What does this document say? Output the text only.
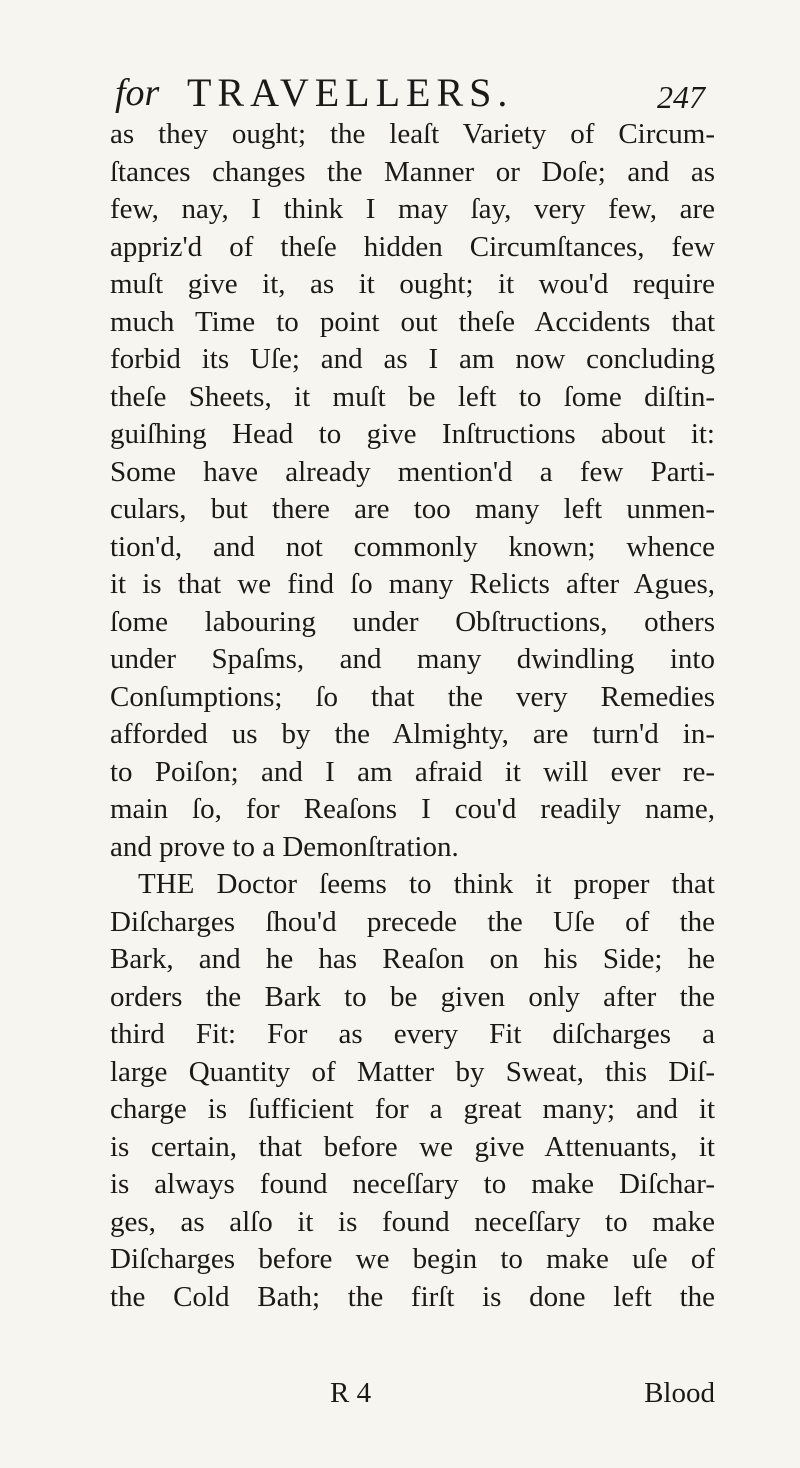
for TRAVELLERS.	247
as they ought; the leaſt Variety of Circum-
ſtances changes the Manner or Doſe; and as
few, nay, I think I may ſay, very few, are
appriz'd of theſe hidden Circumſtances, few
muſt give it, as it ought; it wou'd require
much Time to point out theſe Accidents that
forbid its Uſe; and as I am now concluding
theſe Sheets, it muſt be left to ſome diſtin-
guiſhing Head to give Inſtructions about it:
Some have already mention'd a few Parti-
culars, but there are too many left unmen-
tion'd, and not commonly known; whence
it is that we find ſo many Relicts after Agues,
ſome labouring under Obſtructions, others
under Spaſms, and many dwindling into
Conſumptions; ſo that the very Remedies
afforded us by the Almighty, are turn'd in-
to Poiſon; and I am afraid it will ever re-
main ſo, for Reaſons I cou'd readily name,
and prove to a Demonſtration.
THE Doctor ſeems to think it proper that
Diſcharges ſhou'd precede the Uſe of the
Bark, and he has Reaſon on his Side; he
orders the Bark to be given only after the
third Fit: For as every Fit diſcharges a
large Quantity of Matter by Sweat, this Diſ-
charge is ſufficient for a great many; and it
is certain, that before we give Attenuants, it
is always found neceſſary to make Diſchar-
ges, as alſo it is found neceſſary to make
Diſcharges before we begin to make uſe of
the Cold Bath; the firſt is done left the
R 4	Blood
